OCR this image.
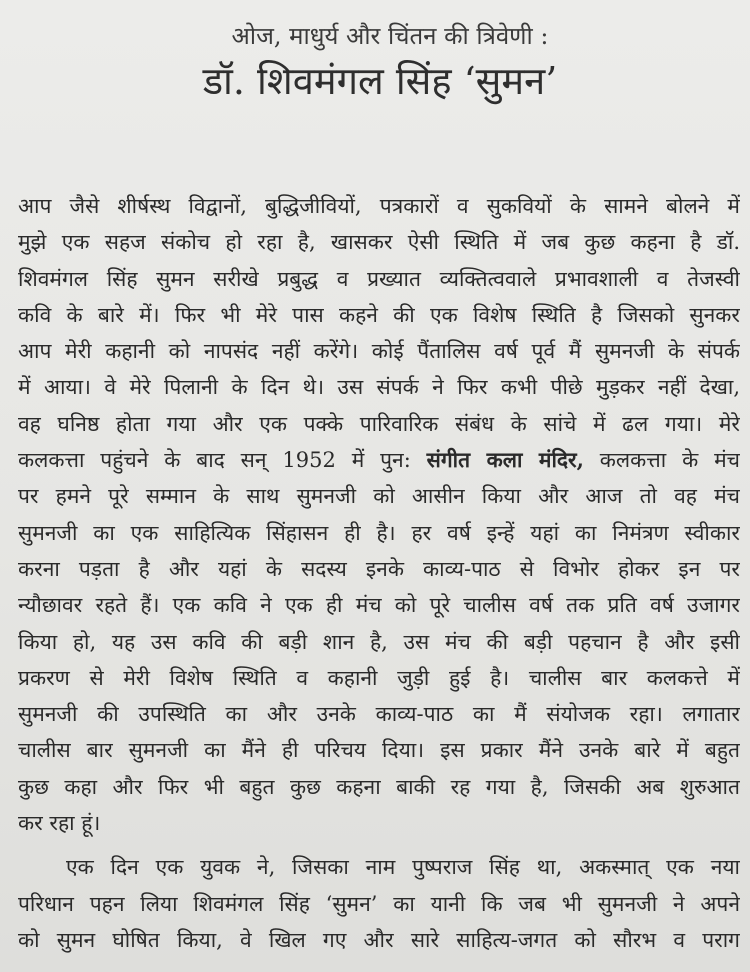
ओज, माधुर्य और चिंतन की त्रिवेणी :
डॉ. शिवमंगल सिंह ‘सुमन’
आप जैसे शीर्षस्थ विद्वानों, बुद्धिजीवियों, पत्रकारों व सुकवियों के सामने बोलने में
मुझे एक सहज संकोच हो रहा है, खासकर ऐसी स्थिति में जब कुछ कहना है डॉ.
शिवमंगल सिंह सुमन सरीखे प्रबुद्ध व प्रख्यात व्यक्तित्ववाले प्रभावशाली व तेजस्वी
कवि के बारे में। फिर भी मेरे पास कहने की एक विशेष स्थिति है जिसको सुनकर
आप मेरी कहानी को नापसंद नहीं करेंगे। कोई पैंतालिस वर्ष पूर्व मैं सुमनजी के संपर्क
में आया। वे मेरे पिलानी के दिन थे। उस संपर्क ने फिर कभी पीछे मुड़कर नहीं देखा,
वह घनिष्ठ होता गया और एक पक्के पारिवारिक संबंध के सांचे में ढल गया। मेरे
कलकत्ता पहुंचने के बाद सन् 1952 में पुन: संगीत कला मंदिर, कलकत्ता के मंच
पर हमने पूरे सम्मान के साथ सुमनजी को आसीन किया और आज तो वह मंच
सुमनजी का एक साहित्यिक सिंहासन ही है। हर वर्ष इन्हें यहां का निमंत्रण स्वीकार
करना पड़ता है और यहां के सदस्य इनके काव्य-पाठ से विभोर होकर इन पर
न्यौछावर रहते हैं। एक कवि ने एक ही मंच को पूरे चालीस वर्ष तक प्रति वर्ष उजागर
किया हो, यह उस कवि की बड़ी शान है, उस मंच की बड़ी पहचान है और इसी
प्रकरण से मेरी विशेष स्थिति व कहानी जुड़ी हुई है। चालीस बार कलकत्ते में
सुमनजी की उपस्थिति का और उनके काव्य-पाठ का मैं संयोजक रहा। लगातार
चालीस बार सुमनजी का मैंने ही परिचय दिया। इस प्रकार मैंने उनके बारे में बहुत
कुछ कहा और फिर भी बहुत कुछ कहना बाकी रह गया है, जिसकी अब शुरुआत
कर रहा हूं।
एक दिन एक युवक ने, जिसका नाम पुष्पराज सिंह था, अकस्मात् एक नया
परिधान पहन लिया शिवमंगल सिंह ‘सुमन’ का यानी कि जब भी सुमनजी ने अपने
को सुमन घोषित किया, वे खिल गए और सारे साहित्य-जगत को सौरभ व पराग
